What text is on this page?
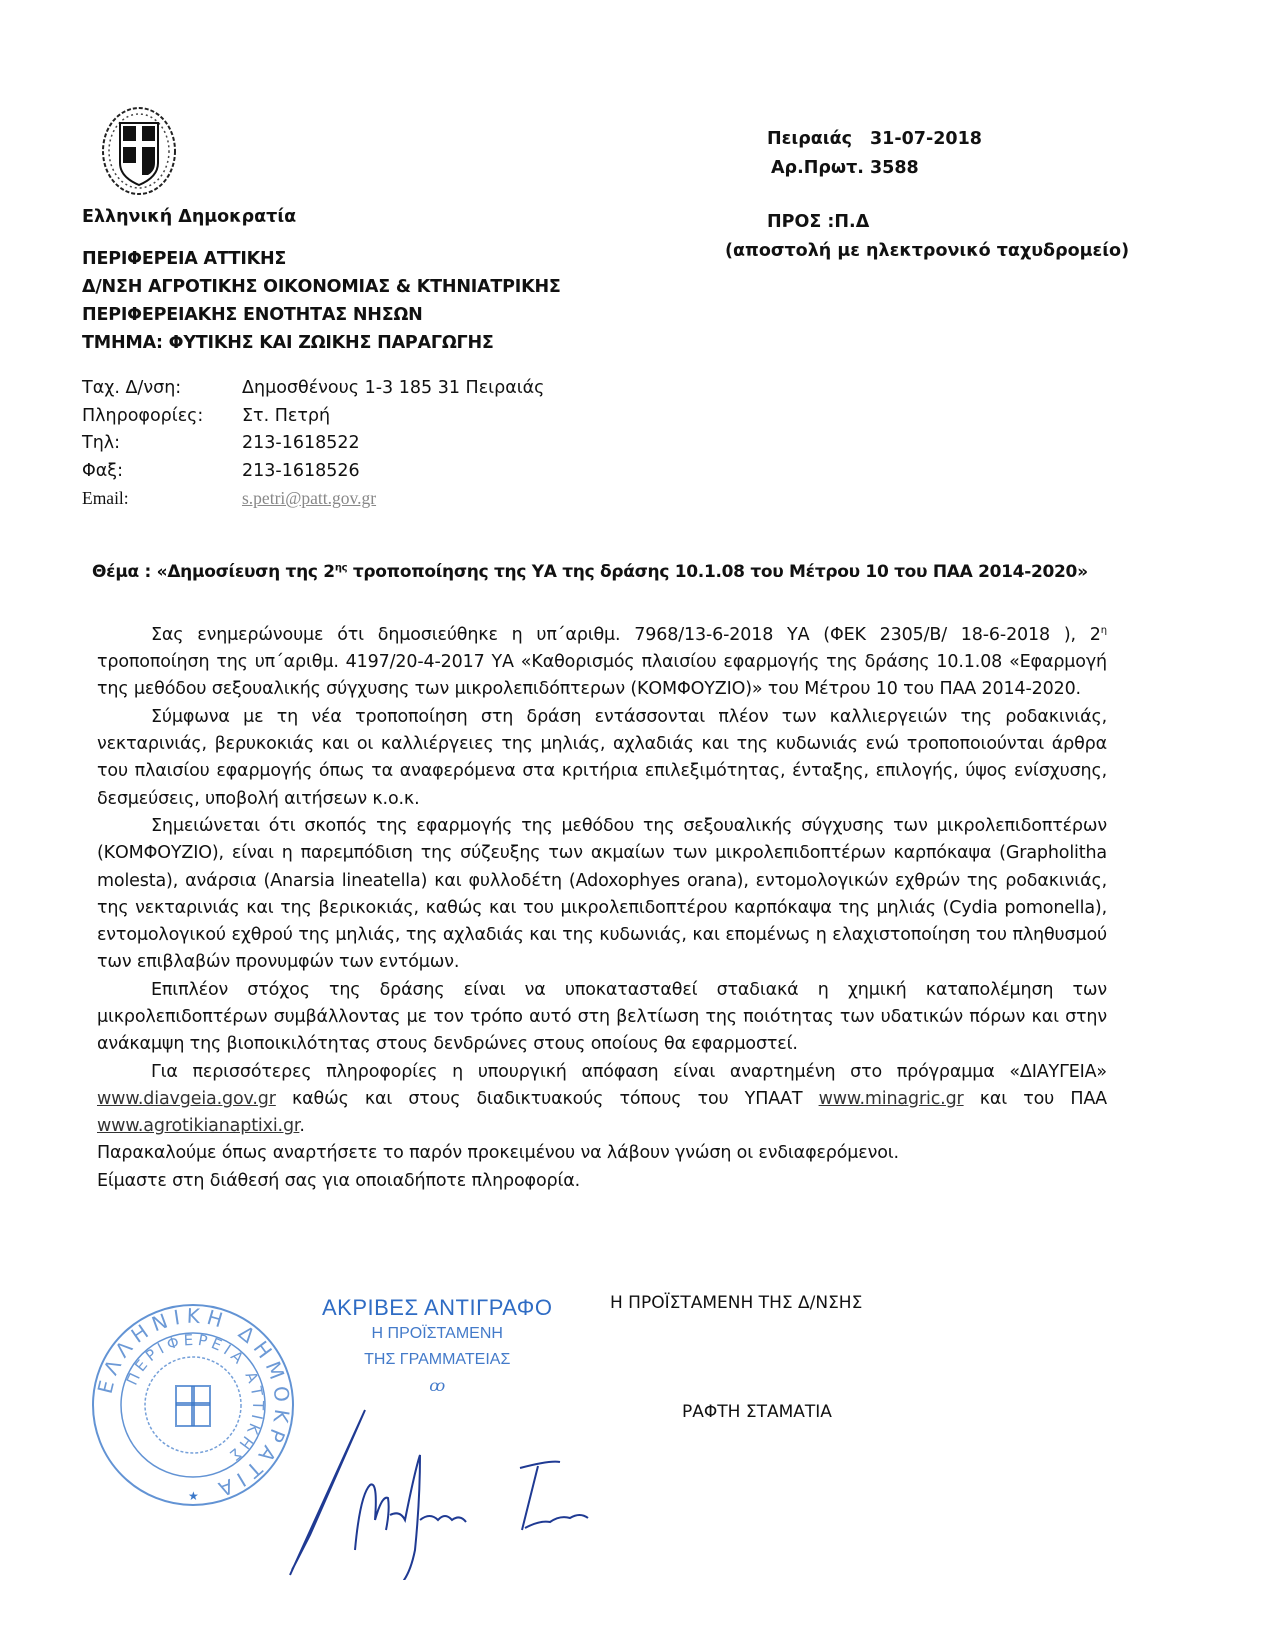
Ελληνική Δημοκρατία
ΠΕΡΙΦΕΡΕΙΑ ΑΤΤΙΚΗΣ
Δ/ΝΣΗ ΑΓΡΟΤΙΚΗΣ ΟΙΚΟΝΟΜΙΑΣ & ΚΤΗΝΙΑΤΡΙΚΗΣ
ΠΕΡΙΦΕΡΕΙΑΚΗΣ ΕΝΟΤΗΤΑΣ ΝΗΣΩΝ
ΤΜΗΜΑ: ΦΥΤΙΚΗΣ ΚΑΙ ΖΩΙΚΗΣ ΠΑΡΑΓΩΓΗΣ
Ταχ. Δ/νση:	Δημοσθένους 1-3 185 31 Πειραιάς
Πληροφορίες:	Στ. Πετρή
Τηλ:	213-1618522
Φαξ:	213-1618526
Email:	s.petri@patt.gov.gr
Πειραιάς 31-07-2018
Αρ.Πρωτ. 3588
ΠΡΟΣ :Π.Δ
(αποστολή με ηλεκτρονικό ταχυδρομείο)
Θέμα : «Δημοσίευση της $2^{\eta\varsigma}$ τροποποίησης της ΥΑ της δράσης 10.1.08 του Μέτρου 10 του ΠΑΑ 2014-2020»

Σας ενημερώνουμε ότι δημοσιεύθηκε η υπ΄αριθμ. 7968/13-6-2018 ΥΑ (ΦΕΚ 2305/Β/ 18-6-2018 ), $2^\eta$ τροποποίηση της υπ΄αριθμ. 4197/20-4-2017 ΥΑ «Καθορισμός πλαισίου εφαρμογής της δράσης 10.1.08 «Εφαρμογή της μεθόδου σεξουαλικής σύγχυσης των μικρολεπιδόπτερων (ΚΟΜΦΟΥΖΙΟ)» του Μέτρου 10 του ΠΑΑ 2014-2020.

Σύμφωνα με τη νέα τροποποίηση στη δράση εντάσσονται πλέον των καλλιεργειών της ροδακινιάς, νεκταρινιάς, βερυκοκιάς και οι καλλιέργειες της μηλιάς, αχλαδιάς και της κυδωνιάς ενώ τροποποιούνται άρθρα του πλαισίου εφαρμογής όπως τα αναφερόμενα στα κριτήρια επιλεξιμότητας, ένταξης, επιλογής, ύψος ενίσχυσης, δεσμεύσεις, υποβολή αιτήσεων κ.ο.κ.

Σημειώνεται ότι σκοπός της εφαρμογής της μεθόδου της σεξουαλικής σύγχυσης των μικρολεπιδοπτέρων (ΚΟΜΦΟΥΖΙΟ), είναι η παρεμπόδιση της σύζευξης των ακμαίων των μικρολεπιδοπτέρων καρπόκαψα (Grapholitha molesta), ανάρσια (Anarsia lineatella) και φυλλοδέτη (Adoxophyes orana), εντομολογικών εχθρών της ροδακινιάς, της νεκταρινιάς και της βερικοκιάς, καθώς και του μικρολεπιδοπτέρου καρπόκαψα της μηλιάς (Cydia pomonella), εντομολογικού εχθρού της μηλιάς, της αχλαδιάς και της κυδωνιάς, και επομένως η ελαχιστοποίηση του πληθυσμού των επιβλαβών προνυμφών των εντόμων.

Επιπλέον στόχος της δράσης είναι να υποκατασταθεί σταδιακά η χημική καταπολέμηση των μικρολεπιδοπτέρων συμβάλλοντας με τον τρόπο αυτό στη βελτίωση της ποιότητας των υδατικών πόρων και στην ανάκαμψη της βιοποικιλότητας στους δενδρώνες στους οποίους θα εφαρμοστεί.

Για περισσότερες πληροφορίες η υπουργική απόφαση είναι αναρτημένη στο πρόγραμμα «ΔΙΑΥΓΕΙΑ» www.diavgeia.gov.gr καθώς και στους διαδικτυακούς τόπους του ΥΠΑΑΤ www.minagric.gr και του ΠΑΑ www.agrotikianaptixi.gr.

Παρακαλούμε όπως αναρτήσετε το παρόν προκειμένου να λάβουν γνώση οι ενδιαφερόμενοι.

Είμαστε στη διάθεσή σας για οποιαδήποτε πληροφορία.

ΑΚΡΙΒΕΣ ΑΝΤΙΓΡΑΦΟ
Η ΠΡΟΪΣΤΑΜΕΝΗ
ΤΗΣ ΓΡΑΜΜΑΤΕΙΑΣ
ꝏ
Η ΠΡΟΪΣΤΑΜΕΝΗ ΤΗΣ Δ/ΝΣΗΣ
ΡΑΦΤΗ ΣΤΑΜΑΤΙΑ
ΕΛΛΗΝΙΚΗ ΔΗΜΟΚΡΑΤΙΑ
ΠΕΡΙΦΕΡΕΙΑ ΑΤΤΙΚΗΣ
★
